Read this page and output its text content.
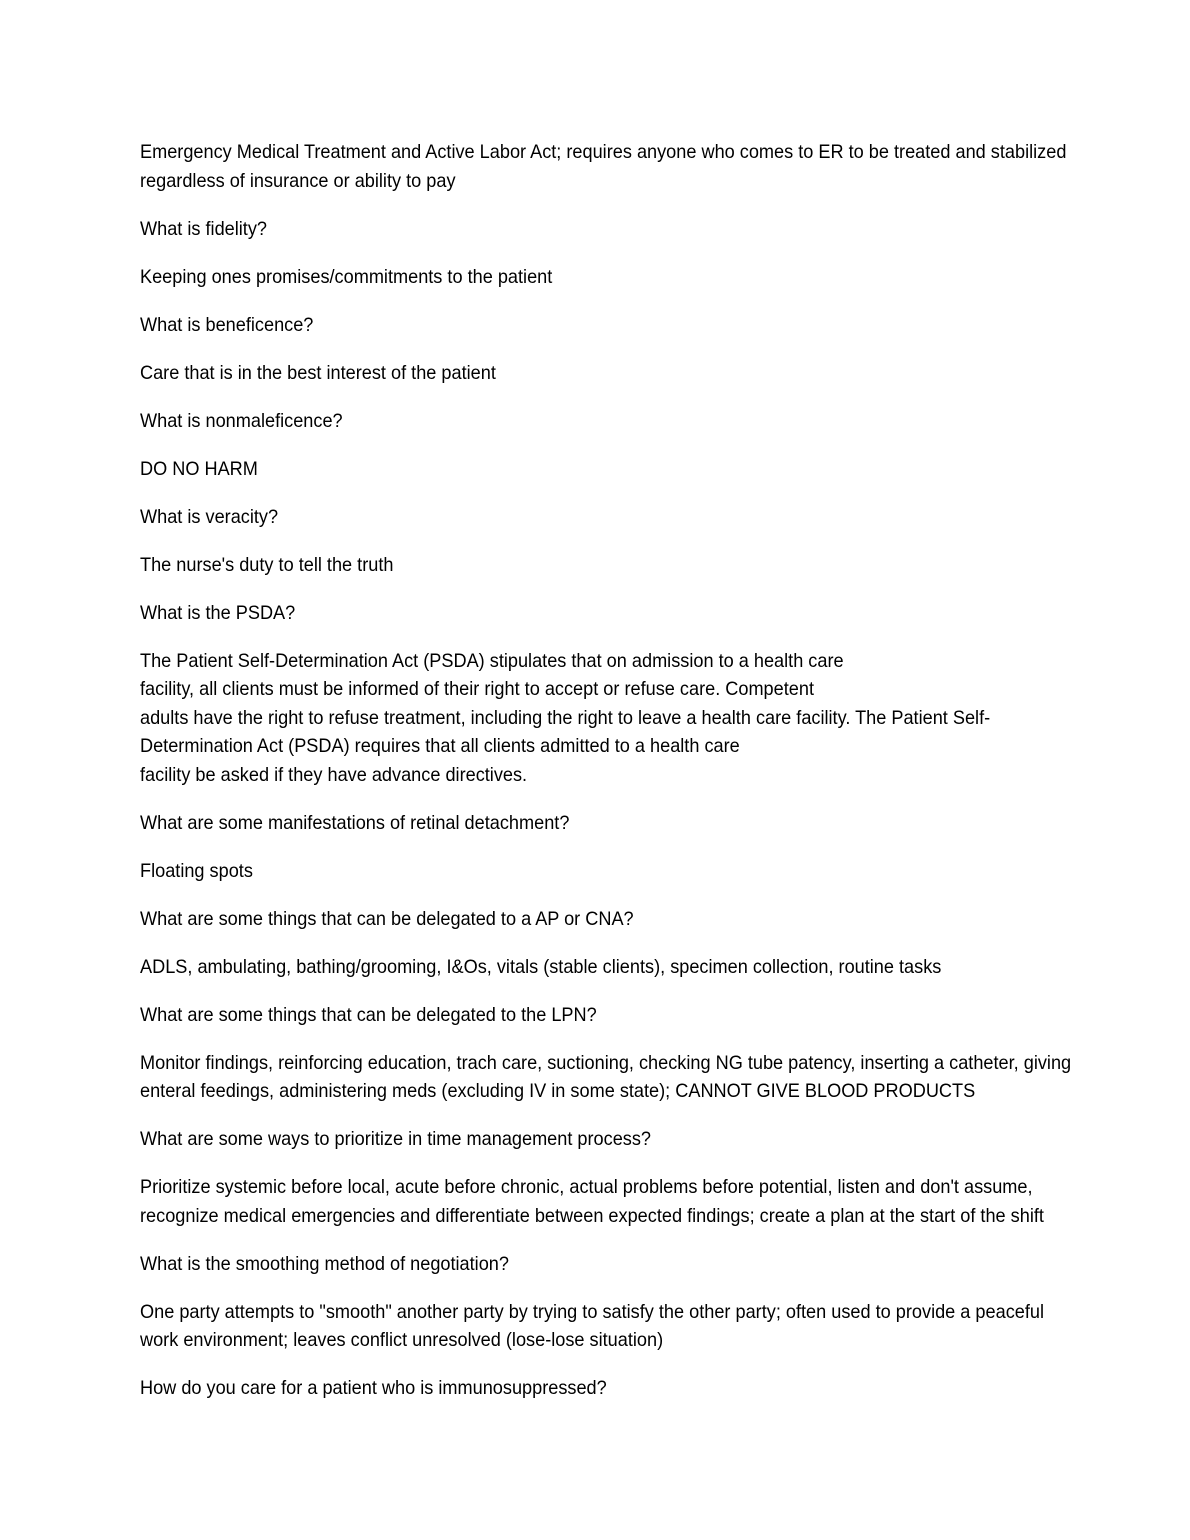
Emergency Medical Treatment and Active Labor Act; requires anyone who comes to ER to be treated and stabilized
regardless of insurance or ability to pay

What is fidelity?

Keeping ones promises/commitments to the patient

What is beneficence?

Care that is in the best interest of the patient

What is nonmaleficence?

DO NO HARM

What is veracity?

The nurse's duty to tell the truth

What is the PSDA?

The Patient Self-Determination Act (PSDA) stipulates that on admission to a health care
facility, all clients must be informed of their right to accept or refuse care. Competent
adults have the right to refuse treatment, including the right to leave a health care facility. The Patient Self-
Determination Act (PSDA) requires that all clients admitted to a health care
facility be asked if they have advance directives.

What are some manifestations of retinal detachment?

Floating spots

What are some things that can be delegated to a AP or CNA?

ADLS, ambulating, bathing/grooming, I&Os, vitals (stable clients), specimen collection, routine tasks

What are some things that can be delegated to the LPN?

Monitor findings, reinforcing education, trach care, suctioning, checking NG tube patency, inserting a catheter, giving
enteral feedings, administering meds (excluding IV in some state); CANNOT GIVE BLOOD PRODUCTS

What are some ways to prioritize in time management process?

Prioritize systemic before local, acute before chronic, actual problems before potential, listen and don't assume,
recognize medical emergencies and differentiate between expected findings; create a plan at the start of the shift

What is the smoothing method of negotiation?

One party attempts to "smooth" another party by trying to satisfy the other party; often used to provide a peaceful
work environment; leaves conflict unresolved (lose-lose situation)

How do you care for a patient who is immunosuppressed?
